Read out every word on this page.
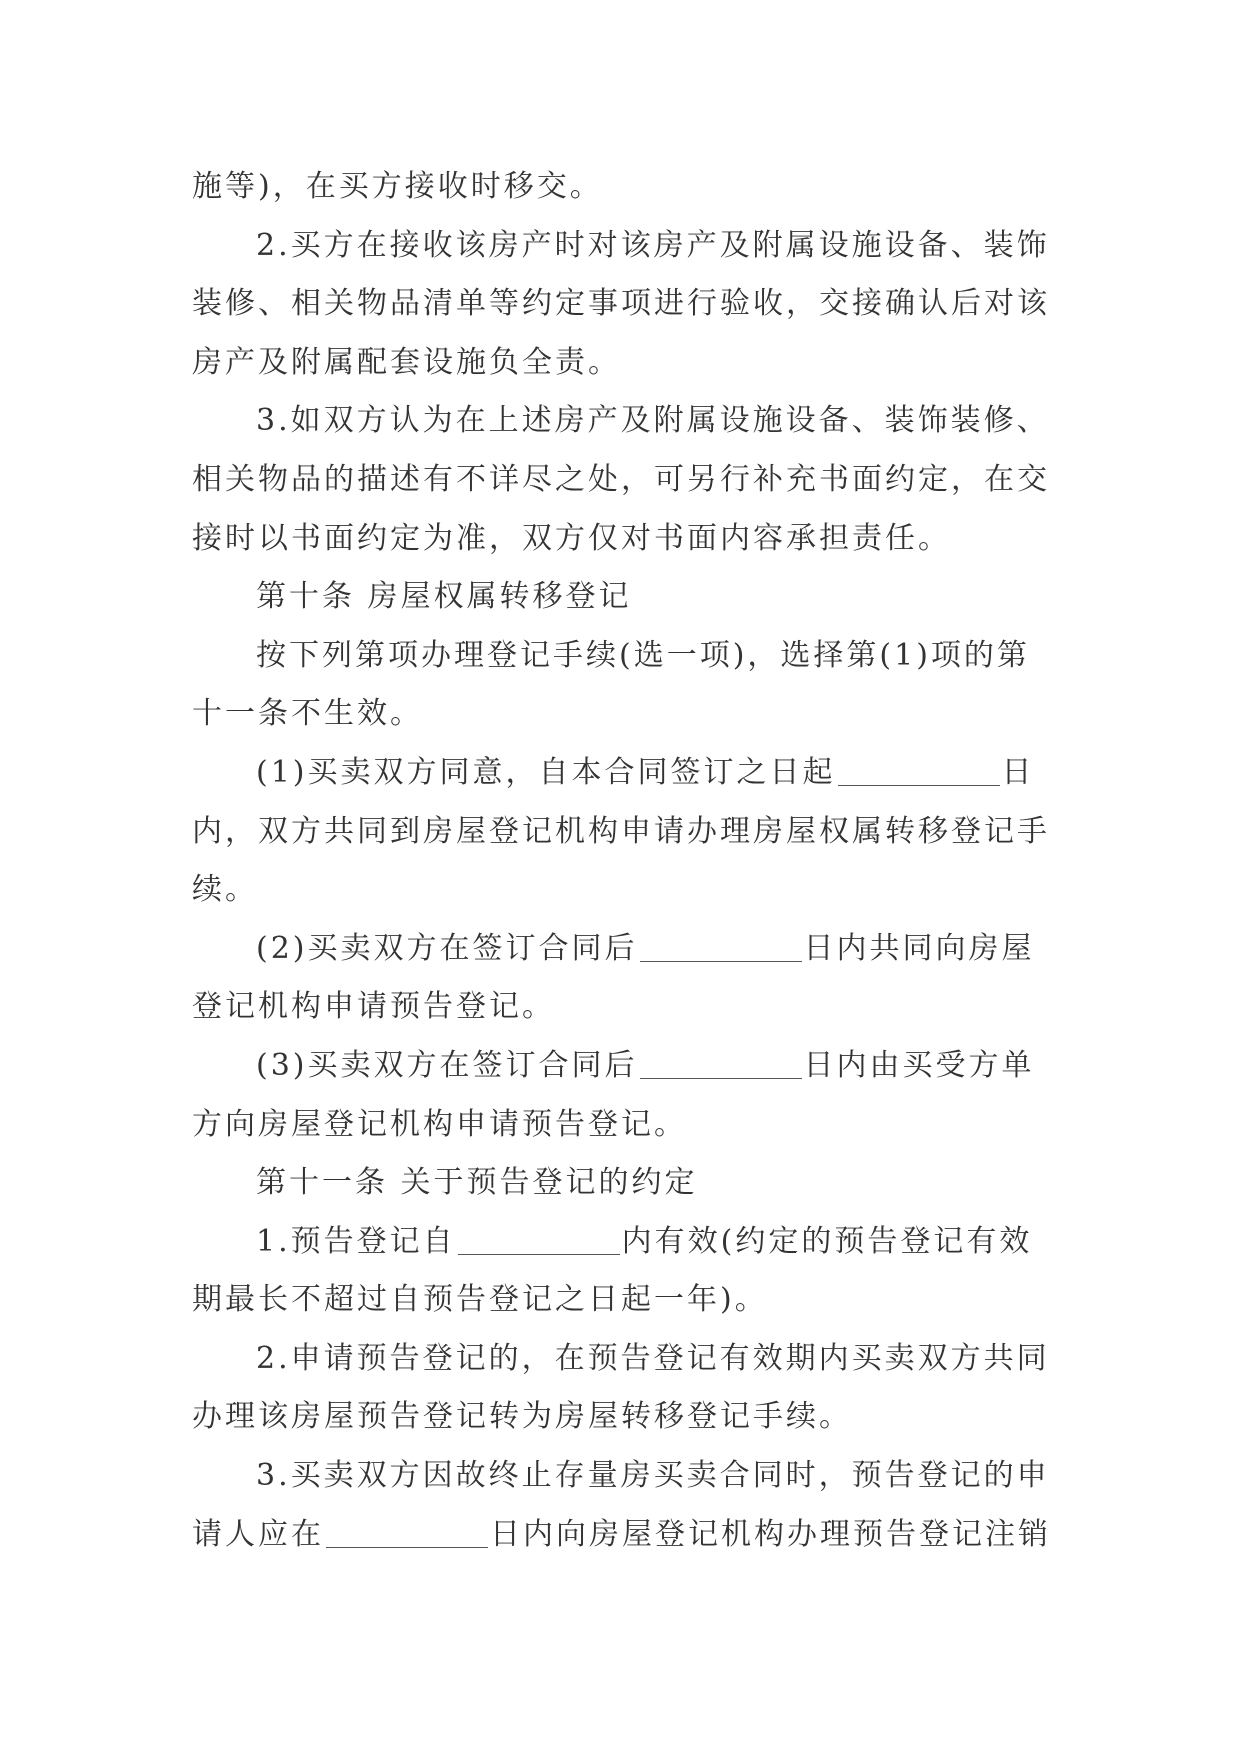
施等)，在买方接收时移交。
2.买方在接收该房产时对该房产及附属设施设备、装饰
装修、相关物品清单等约定事项进行验收，交接确认后对该
房产及附属配套设施负全责。
3.如双方认为在上述房产及附属设施设备、装饰装修、
相关物品的描述有不详尽之处，可另行补充书面约定，在交
接时以书面约定为准，双方仅对书面内容承担责任。
第十条 房屋权属转移登记
按下列第项办理登记手续(选一项)，选择第(1)项的第
十一条不生效。
(1)买卖双方同意，自本合同签订之日起	日
内，双方共同到房屋登记机构申请办理房屋权属转移登记手
续。
(2)买卖双方在签订合同后	日内共同向房屋
登记机构申请预告登记。
(3)买卖双方在签订合同后	日内由买受方单
方向房屋登记机构申请预告登记。
第十一条 关于预告登记的约定
1.预告登记自	内有效(约定的预告登记有效
期最长不超过自预告登记之日起一年)。
2.申请预告登记的，在预告登记有效期内买卖双方共同
办理该房屋预告登记转为房屋转移登记手续。
3.买卖双方因故终止存量房买卖合同时，预告登记的申
请人应在	日内向房屋登记机构办理预告登记注销
